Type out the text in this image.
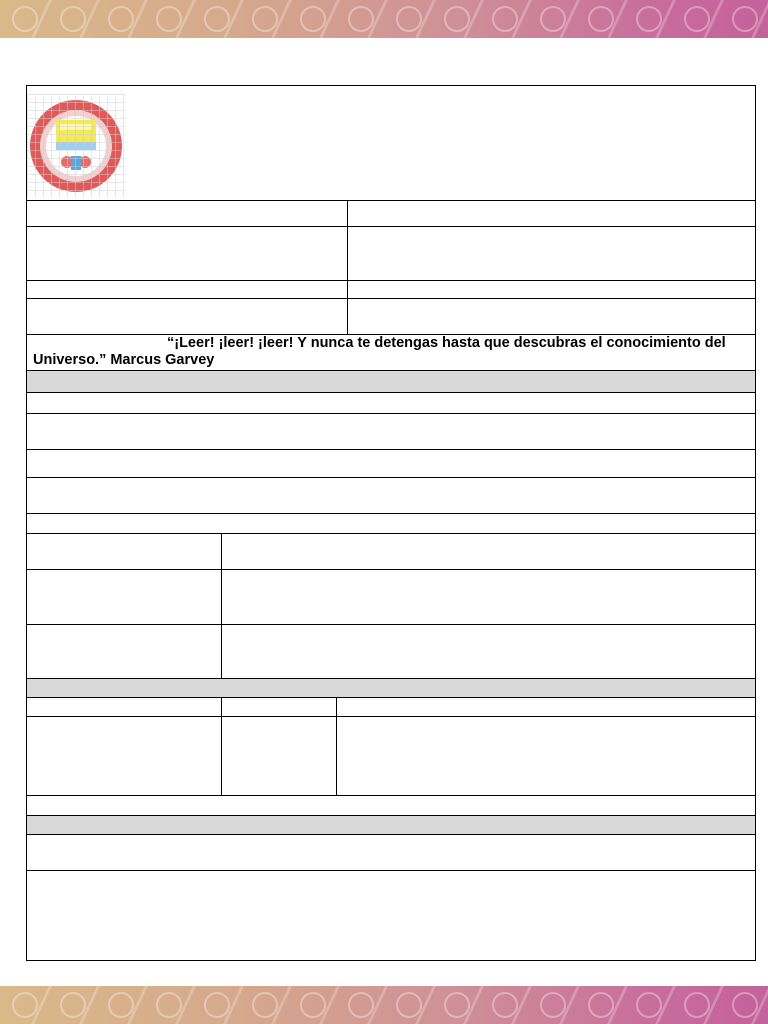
“¡Leer! ¡leer! ¡leer! Y nunca te detengas hasta que descubras el conocimiento del
Universo.” Marcus Garvey
